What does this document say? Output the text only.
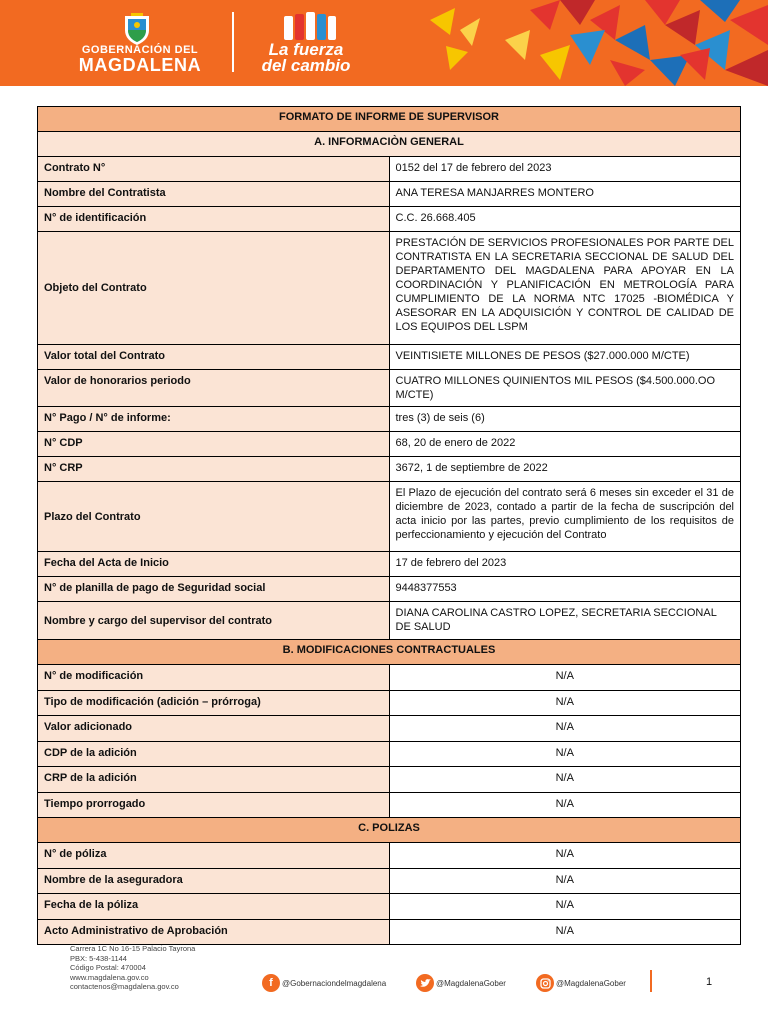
GOBERNACIÓN DEL
MAGDALENA
La fuerza
del cambio
FORMATO DE INFORME DE SUPERVISOR	
A. INFORMACIÒN GENERAL	
Contrato N°	0152 del 17 de febrero del 2023
Nombre del Contratista	ANA TERESA MANJARRES MONTERO
N° de identificación	C.C. 26.668.405
Objeto del Contrato	PRESTACIÓN DE SERVICIOS PROFESIONALES POR PARTE DEL CONTRATISTA EN LA SECRETARIA SECCIONAL DE SALUD DEL DEPARTAMENTO DEL MAGDALENA PARA APOYAR EN LA COORDINACIÓN Y PLANIFICACIÓN EN METROLOGÍA PARA CUMPLIMIENTO DE LA NORMA NTC 17025 -BIOMÉDICA Y ASESORAR EN LA ADQUISICIÓN Y CONTROL DE CALIDAD DE LOS EQUIPOS DEL LSPM
Valor total del Contrato	VEINTISIETE MILLONES DE PESOS ($27.000.000 M/CTE)
Valor de honorarios periodo	CUATRO MILLONES QUINIENTOS MIL PESOS ($4.500.000.OO M/CTE)
N° Pago / N° de informe:	tres (3) de seis (6)
N° CDP	68, 20 de enero de 2022
N° CRP	3672, 1 de septiembre de 2022
Plazo del Contrato	El Plazo de ejecución del contrato será 6 meses sin exceder el 31 de diciembre de 2023, contado a partir de la fecha de suscripción del acta inicio por las partes, previo cumplimiento de los requisitos de perfeccionamiento y ejecución del Contrato
Fecha del Acta de Inicio	17 de febrero del 2023
N° de planilla de pago de Seguridad social	9448377553
Nombre y cargo del supervisor del contrato	DIANA CAROLINA CASTRO LOPEZ, SECRETARIA SECCIONAL DE SALUD
B. MODIFICACIONES CONTRACTUALES	
N° de modificación	N/A
Tipo de modificación (adición – prórroga)	N/A
Valor adicionado	N/A
CDP de la adición	N/A
CRP de la adición	N/A
Tiempo prorrogado	N/A
C. POLIZAS	
N° de póliza	N/A
Nombre de la aseguradora	N/A
Fecha de la póliza	N/A
Acto Administrativo de Aprobación	N/A
Carrera 1C No 16-15 Palacio Tayrona
PBX: 5-438-1144
Código Postal: 470004
www.magdalena.gov.co
contactenos@magdalena.gov.co	f	@Gobernaciondelmagdalena	@MagdalenaGober	@MagdalenaGober	1
